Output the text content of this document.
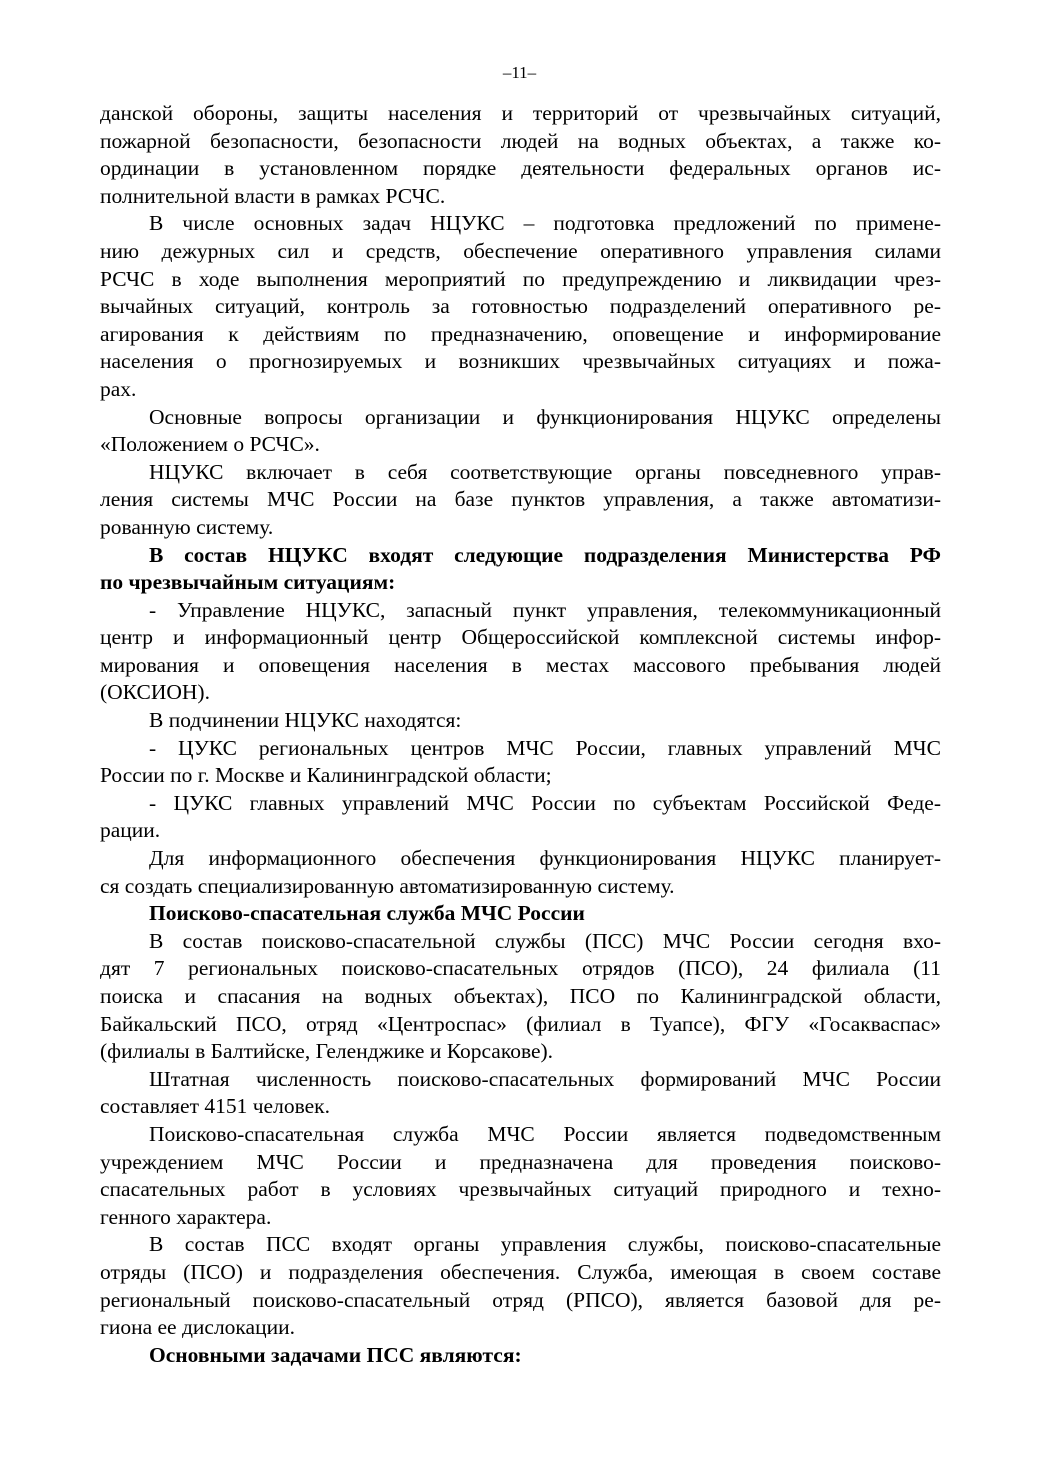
–11–
данской обороны, защиты населения и территорий от чрезвычайных ситуаций,
пожарной безопасности, безопасности людей на водных объектах, а также ко-
ординации в установленном порядке деятельности федеральных органов ис-
полнительной власти в рамках РСЧС.
В числе основных задач НЦУКС – подготовка предложений по примене-
нию дежурных сил и средств, обеспечение оперативного управления силами
РСЧС в ходе выполнения мероприятий по предупреждению и ликвидации чрез-
вычайных ситуаций, контроль за готовностью подразделений оперативного ре-
агирования к действиям по предназначению, оповещение и информирование
населения о прогнозируемых и возникших чрезвычайных ситуациях и пожа-
рах.
Основные вопросы организации и функционирования НЦУКС определены
«Положением о РСЧС».
НЦУКС включает в себя соответствующие органы повседневного управ-
ления системы МЧС России на базе пунктов управления, а также автоматизи-
рованную систему.
В состав НЦУКС входят следующие подразделения Министерства РФ
по чрезвычайным ситуациям:
- Управление НЦУКС, запасный пункт управления, телекоммуникационный
центр и информационный центр Общероссийской комплексной системы инфор-
мирования и оповещения населения в местах массового пребывания людей
(ОКСИОН).
В подчинении НЦУКС находятся:
- ЦУКС региональных центров МЧС России, главных управлений МЧС
России по г. Москве и Калининградской области;
- ЦУКС главных управлений МЧС России по субъектам Российской Феде-
рации.
Для информационного обеспечения функционирования НЦУКС планирует-
ся создать специализированную автоматизированную систему.
Поисково-спасательная служба МЧС России
В состав поисково-спасательной службы (ПСС) МЧС России сегодня вхо-
дят 7 региональных поисково-спасательных отрядов (ПСО), 24 филиала (11
поиска и спасания на водных объектах), ПСО по Калининградской области,
Байкальский ПСО, отряд «Центроспас» (филиал в Туапсе), ФГУ «Госакваспас»
(филиалы в Балтийске, Геленджике и Корсакове).
Штатная численность поисково-спасательных формирований МЧС России
составляет 4151 человек.
Поисково-спасательная служба МЧС России является подведомственным
учреждением МЧС России и предназначена для проведения поисково-
спасательных работ в условиях чрезвычайных ситуаций природного и техно-
генного характера.
В состав ПСС входят органы управления службы, поисково-спасательные
отряды (ПСО) и подразделения обеспечения. Служба, имеющая в своем составе
региональный поисково-спасательный отряд (РПСО), является базовой для ре-
гиона ее дислокации.
Основными задачами ПСС являются:
